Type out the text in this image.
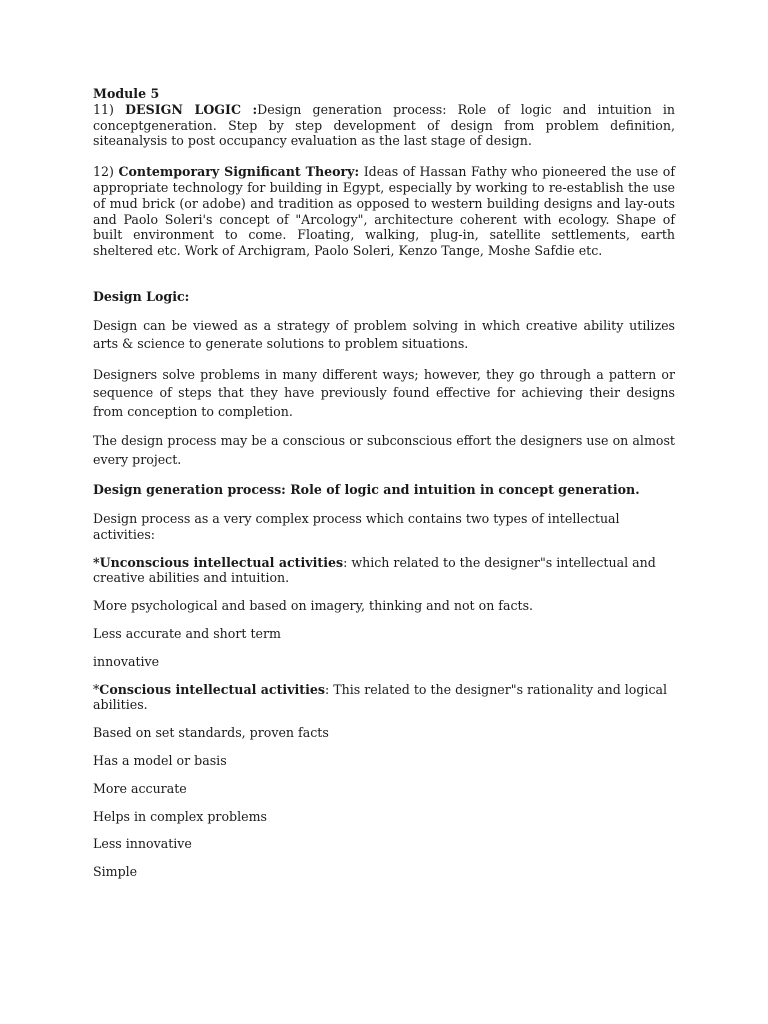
Module 5

11) DESIGN LOGIC :Design generation process: Role of logic and intuition in conceptgeneration. Step by step development of design from problem definition, siteanalysis to post occupancy evaluation as the last stage of design.

12) Contemporary Significant Theory: Ideas of Hassan Fathy who pioneered the use of appropriate technology for building in Egypt, especially by working to re-establish the use of mud brick (or adobe) and tradition as opposed to western building designs and lay-outs and Paolo Soleri's concept of "Arcology", architecture coherent with ecology. Shape of built environment to come. Floating, walking, plug-in, satellite settlements, earth sheltered etc. Work of Archigram, Paolo Soleri, Kenzo Tange, Moshe Safdie etc.

Design Logic:

Design can be viewed as a strategy of problem solving in which creative ability utilizes arts & science to generate solutions to problem situations.

Designers solve problems in many different ways; however, they go through a pattern or sequence of steps that they have previously found effective for achieving their designs from conception to completion.

The design process may be a conscious or subconscious effort the designers use on almost every project.

Design generation process: Role of logic and intuition in concept generation.

Design process as a very complex process which contains two types of intellectual activities:

*Unconscious intellectual activities: which related to the designer"s intellectual and creative abilities and intuition.

More psychological and based on imagery, thinking and not on facts.

Less accurate and short term

innovative

*Conscious intellectual activities: This related to the designer"s rationality and logical abilities.

Based on set standards, proven facts

Has a model or basis

More accurate

Helps in complex problems

Less innovative

Simple
